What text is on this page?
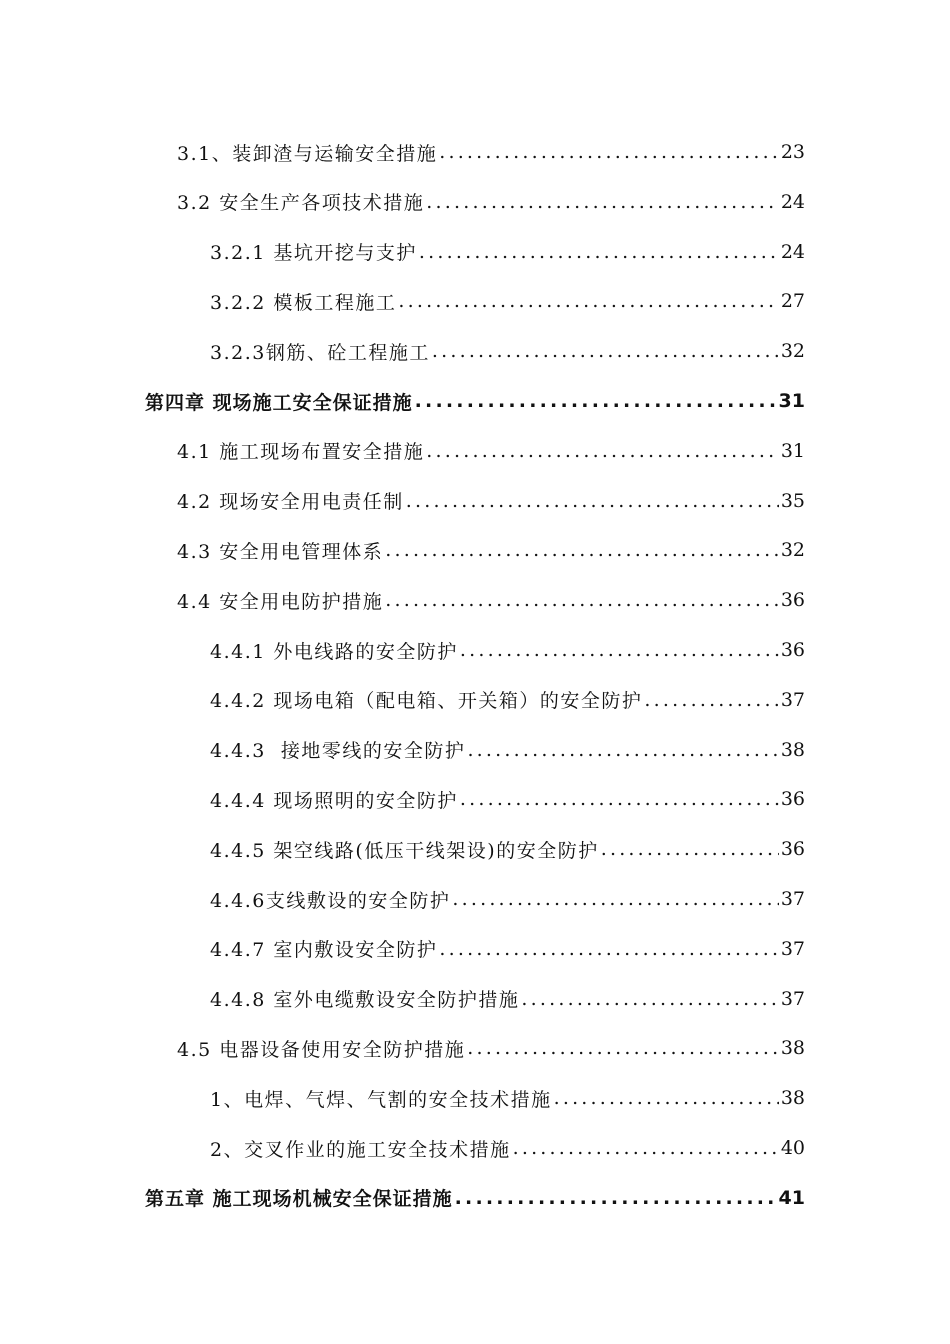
3.1、装卸渣与运输安全措施 .....	23
3.2 安全生产各项技术措施 .....	24
3.2.1 基坑开挖与支护 .....	24
3.2.2 模板工程施工 .....	27
3.2.3钢筋、砼工程施工 .....	32
第四章 现场施工安全保证措施 .....	31
4.1 施工现场布置安全措施 .....	31
4.2 现场安全用电责任制 .....	35
4.3 安全用电管理体系 .....	32
4.4 安全用电防护措施 .....	36
4.4.1 外电线路的安全防护 .....	36
4.4.2 现场电箱（配电箱、开关箱）的安全防护 .....	37
4.4.3  接地零线的安全防护 .....	38
4.4.4 现场照明的安全防护 .....	36
4.4.5 架空线路(低压干线架设)的安全防护 .....	36
4.4.6支线敷设的安全防护 .....	37
4.4.7 室内敷设安全防护 .....	37
4.4.8 室外电缆敷设安全防护措施 .....	37
4.5 电器设备使用安全防护措施 .....	38
1、电焊、气焊、气割的安全技术措施 .....	38
2、交叉作业的施工安全技术措施 .....	40
第五章 施工现场机械安全保证措施 .....	41
